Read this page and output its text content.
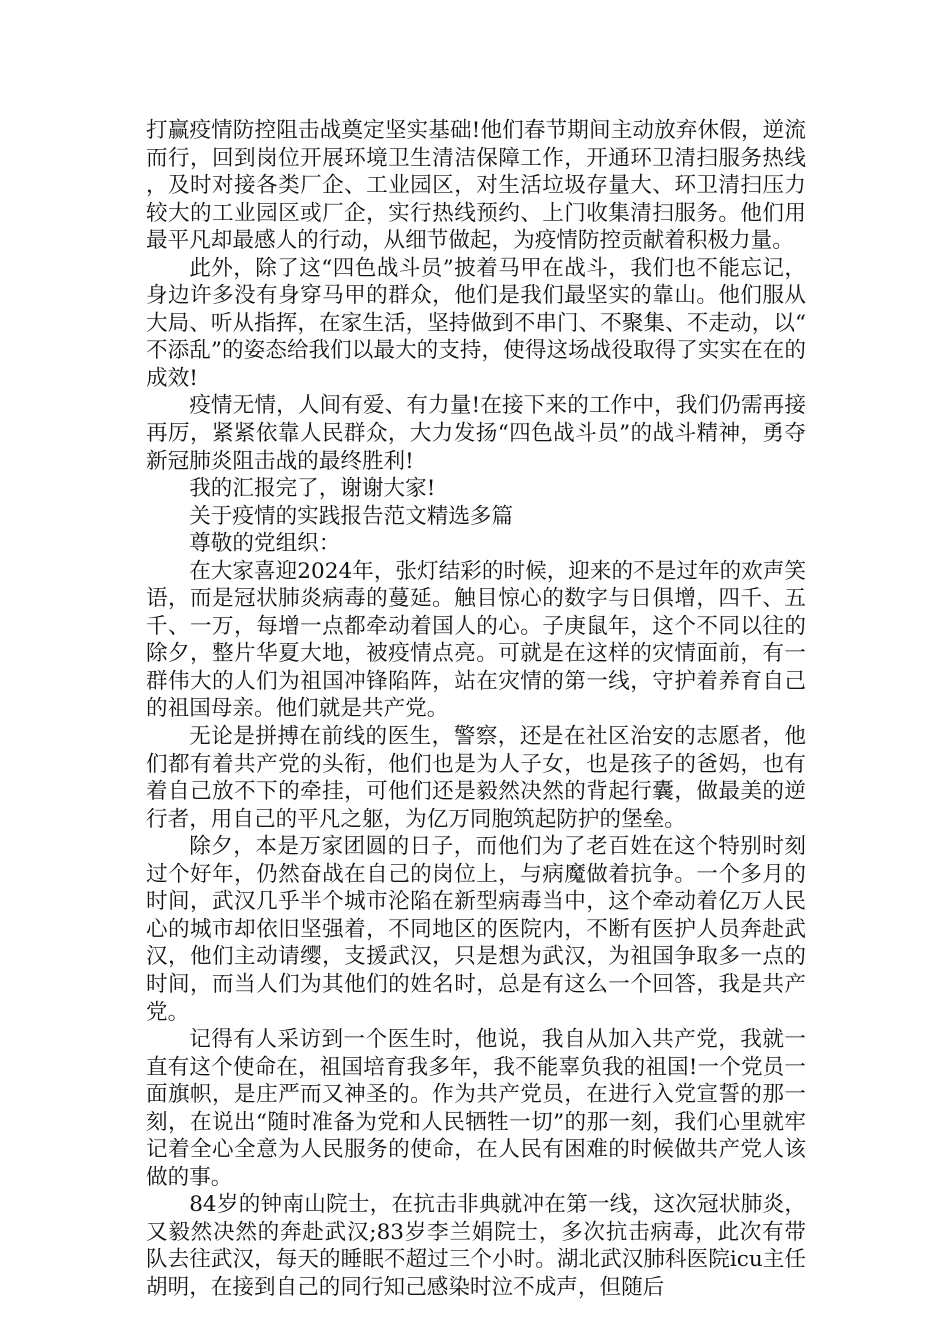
打赢疫情防控阻击战奠定坚实基础!他们春节期间主动放弃休假，逆流而行，回到岗位开展环境卫生清洁保障工作，开通环卫清扫服务热线，及时对接各类厂企、工业园区，对生活垃圾存量大、环卫清扫压力较大的工业园区或厂企，实行热线预约、上门收集清扫服务。他们用最平凡却最感人的行动，从细节做起，为疫情防控贡献着积极力量。

此外，除了这“四色战斗员”披着马甲在战斗，我们也不能忘记，身边许多没有身穿马甲的群众，他们是我们最坚实的靠山。他们服从大局、听从指挥，在家生活，坚持做到不串门、不聚集、不走动，以“不添乱”的姿态给我们以最大的支持，使得这场战役取得了实实在在的成效!

疫情无情，人间有爱、有力量!在接下来的工作中，我们仍需再接再厉，紧紧依靠人民群众，大力发扬“四色战斗员”的战斗精神，勇夺新冠肺炎阻击战的最终胜利!

我的汇报完了，谢谢大家!

关于疫情的实践报告范文精选多篇

尊敬的党组织：

在大家喜迎2024年，张灯结彩的时候，迎来的不是过年的欢声笑语，而是冠状肺炎病毒的蔓延。触目惊心的数字与日俱增，四千、五千、一万，每增一点都牵动着国人的心。子庚鼠年，这个不同以往的除夕，整片华夏大地，被疫情点亮。可就是在这样的灾情面前，有一群伟大的人们为祖国冲锋陷阵，站在灾情的第一线，守护着养育自己的祖国母亲。他们就是共产党。

无论是拼搏在前线的医生，警察，还是在社区治安的志愿者，他们都有着共产党的头衔，他们也是为人子女，也是孩子的爸妈，也有着自己放不下的牵挂，可他们还是毅然决然的背起行囊，做最美的逆行者，用自己的平凡之躯，为亿万同胞筑起防护的堡垒。

除夕，本是万家团圆的日子，而他们为了老百姓在这个特别时刻过个好年，仍然奋战在自己的岗位上，与病魔做着抗争。一个多月的时间，武汉几乎半个城市沦陷在新型病毒当中，这个牵动着亿万人民心的城市却依旧坚强着，不同地区的医院内，不断有医护人员奔赴武汉，他们主动请缨，支援武汉，只是想为武汉，为祖国争取多一点的时间，而当人们为其他们的姓名时，总是有这么一个回答，我是共产党。

记得有人采访到一个医生时，他说，我自从加入共产党，我就一直有这个使命在，祖国培育我多年，我不能辜负我的祖国!一个党员一面旗帜，是庄严而又神圣的。作为共产党员，在进行入党宣誓的那一刻，在说出“随时准备为党和人民牺牲一切”的那一刻，我们心里就牢记着全心全意为人民服务的使命，在人民有困难的时候做共产党人该做的事。

84岁的钟南山院士，在抗击非典就冲在第一线，这次冠状肺炎，又毅然决然的奔赴武汉;83岁李兰娟院士，多次抗击病毒，此次有带队去往武汉，每天的睡眠不超过三个小时。湖北武汉肺科医院icu主任胡明，在接到自己的同行知己感染时泣不成声，但随后
